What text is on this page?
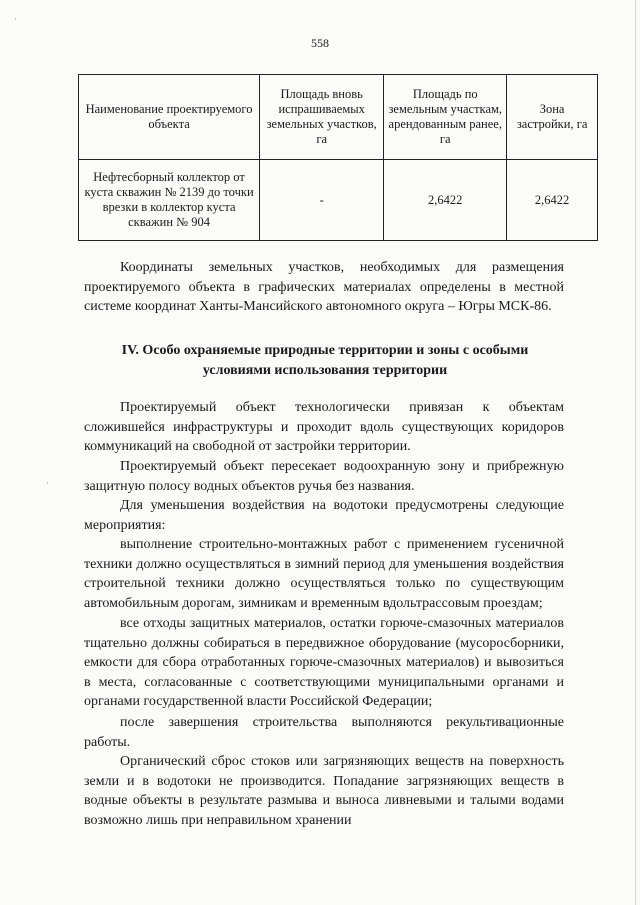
558
·
·
Наименование проектируемого объекта	Площадь вновь испрашиваемых земельных участков, га	Площадь по земельным участкам, арендованным ранее, га	Зона застройки, га
Нефтесборный коллектор от куста скважин № 2139 до точки врезки в коллектор куста скважин № 904	-	2,6422	2,6422

Координаты земельных участков, необходимых для размещения проектируемого объекта в графических материалах определены в местной системе координат Ханты-Мансийского автономного округа – Югры МСК-86.

IV. Особо охраняемые природные территории и зоны с особыми условиями использования территории

Проектируемый объект технологически привязан к объектам сложившейся инфраструктуры и проходит вдоль существующих коридоров коммуникаций на свободной от застройки территории.

Проектируемый объект пересекает водоохранную зону и прибрежную защитную полосу водных объектов ручья без названия.

Для уменьшения воздействия на водотоки предусмотрены следующие мероприятия:

выполнение строительно-монтажных работ с применением гусеничной техники должно осуществляться в зимний период для уменьшения воздействия строительной техники должно осуществляться только по существующим автомобильным дорогам, зимникам и временным вдольтрассовым проездам;

все отходы защитных материалов, остатки горюче-смазочных материалов тщательно должны собираться в передвижное оборудование (мусоросборники, емкости для сбора отработанных горюче-смазочных материалов) и вывозиться в места, согласованные с соответствующими муниципальными органами и органами государственной власти Российской Федерации;

после завершения строительства выполняются рекультивационные работы.

Органический сброс стоков или загрязняющих веществ на поверхность земли и в водотоки не производится. Попадание загрязняющих веществ в водные объекты в результате размыва и выноса ливневыми и талыми водами возможно лишь при неправильном хранении
